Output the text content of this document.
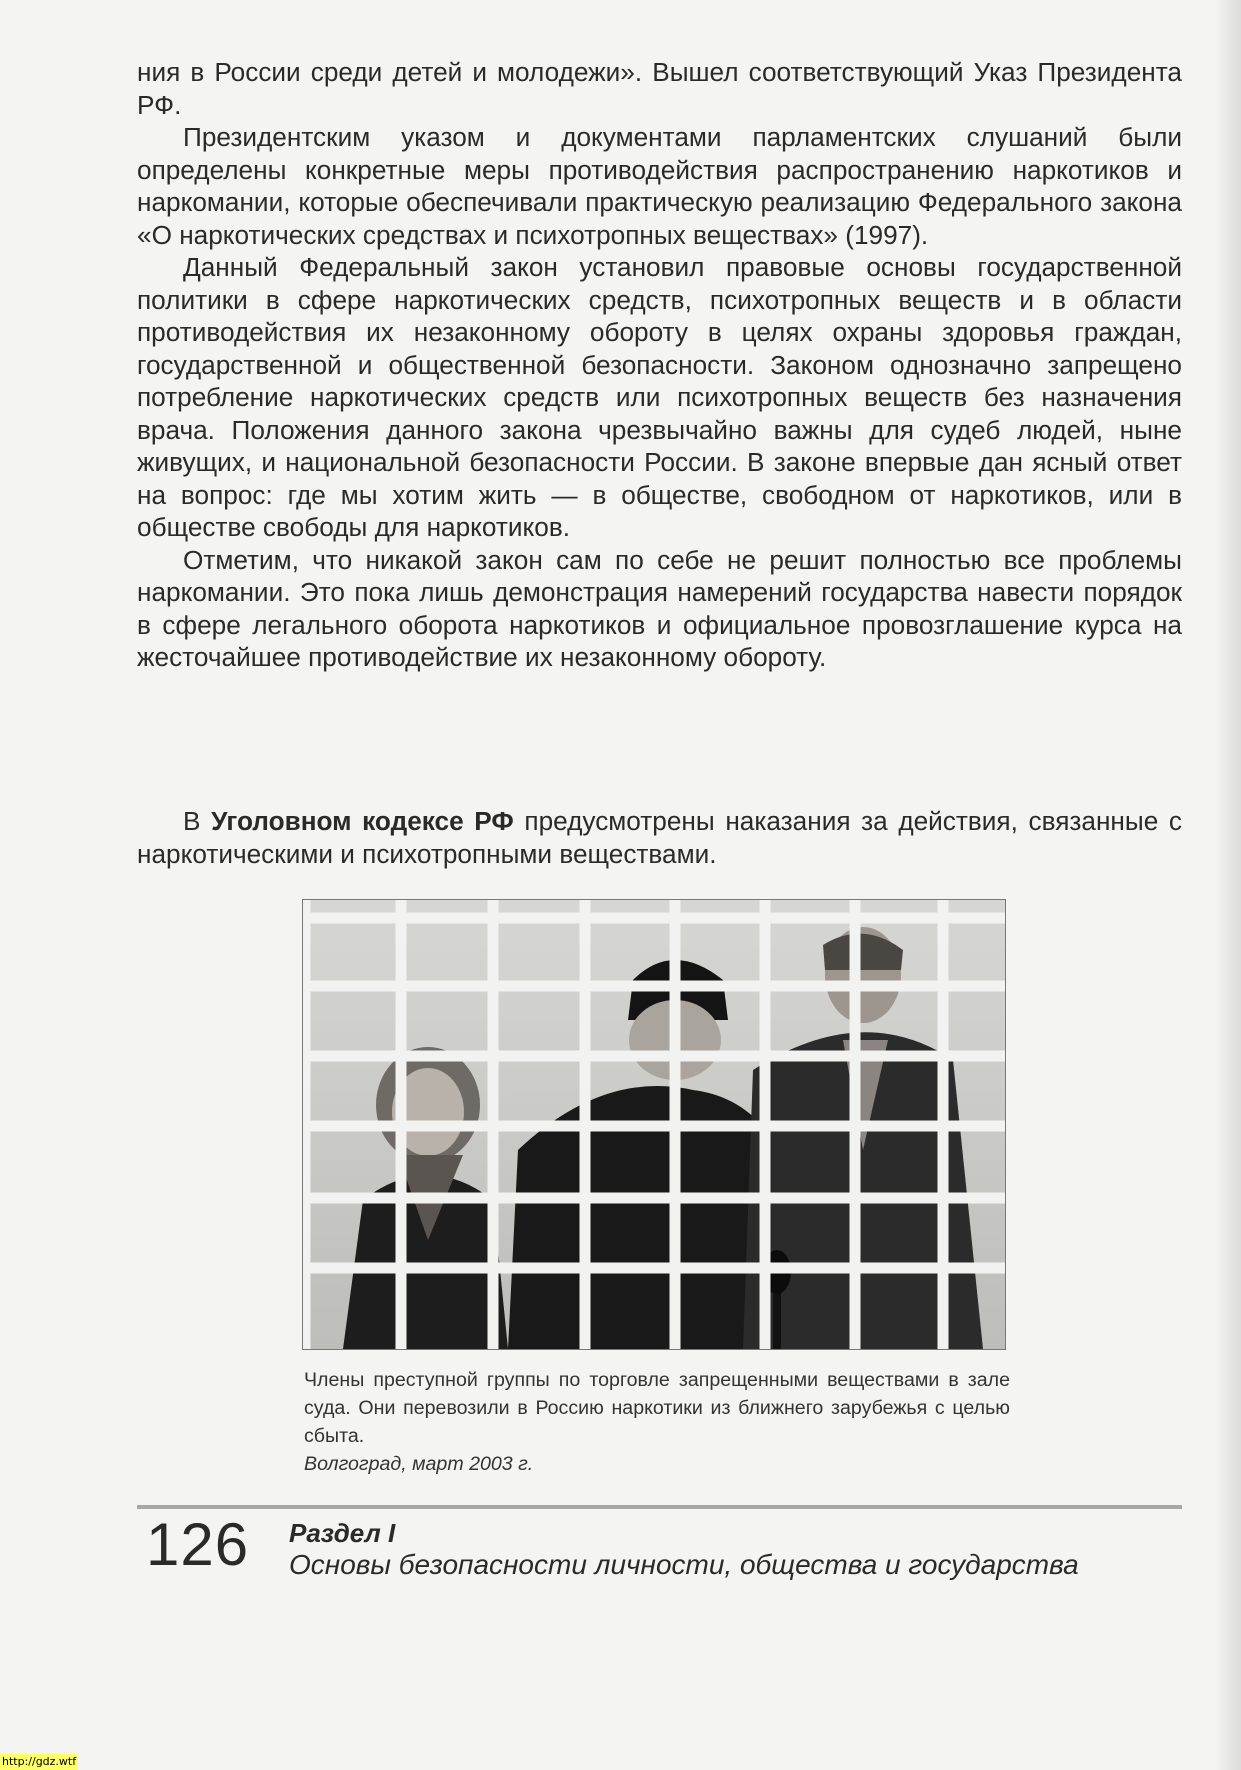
ния в России среди детей и молодежи». Вышел соответствующий Указ Президента РФ.

Президентским указом и документами парламентских слушаний были определены конкретные меры противодействия распространению наркотиков и наркомании, которые обеспечивали практическую реализацию Федерального закона «О наркотических средствах и психотропных веществах» (1997).

Данный Федеральный закон установил правовые основы государственной политики в сфере наркотических средств, психотропных веществ и в области противодействия их незаконному обороту в целях охраны здоровья граждан, государственной и общественной безопасности. Законом однозначно запрещено потребление наркотических средств или психотропных веществ без назначения врача. Положения данного закона чрезвычайно важны для судеб людей, ныне живущих, и национальной безопасности России. В законе впервые дан ясный ответ на вопрос: где мы хотим жить — в обществе, свободном от наркотиков, или в обществе свободы для наркотиков.

Отметим, что никакой закон сам по себе не решит полностью все проблемы наркомании. Это пока лишь демонстрация намерений государства навести порядок в сфере легального оборота наркотиков и официальное провозглашение курса на жесточайшее противодействие их незаконному обороту.

В Уголовном кодексе РФ предусмотрены наказания за действия, связанные с наркотическими и психотропными веществами.

Члены преступной группы по торговле запрещенными веществами в зале суда. Они перевозили в Россию наркотики из ближнего зарубежья с целью сбыта.
Волгоград, март 2003 г.
126 Раздел I
Основы безопасности личности, общества и государства
http://gdz.wtf
